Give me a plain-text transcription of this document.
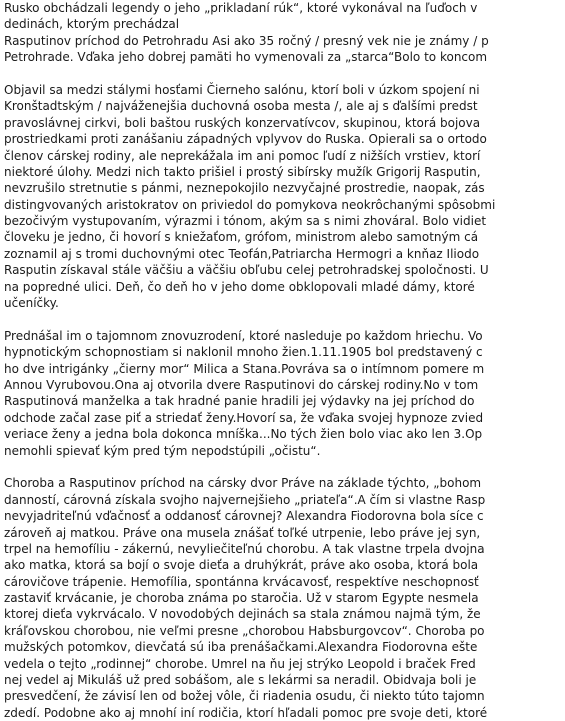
Rusko obchádzali legendy o jeho „prikladaní rúk“, ktoré vykonával na ľuďoch v
dedinách, ktorým prechádzal
Rasputinov príchod do Petrohradu Asi ako 35 ročný / presný vek nie je známy / p
Petrohrade. Vďaka jeho dobrej pamäti ho vymenovali za „starca“Bolo to koncom
Objavil sa medzi stálymi hosťami Čierneho salónu, ktorí boli v úzkom spojení ni
Kronštadtským / najváženejšia duchovná osoba mesta /, ale aj s ďalšími predst
pravoslávnej cirkvi, boli baštou ruských konzervatívcov, skupinou, ktorá bojova
prostriedkami proti zanášaniu západných vplyvov do Ruska. Opierali sa o ortodo
členov cárskej rodiny, ale neprekážala im ani pomoc ľudí z nižších vrstiev, ktorí
niektoré úlohy. Medzi nich takto prišiel i prostý sibírsky mužík Grigorij Rasputin,
nevzrušilo stretnutie s pánmi, neznepokojilo nezvyčajné prostredie, naopak, zás
distingvovaných aristokratov on priviedol do pomykova neokrôchanými spôsobmi
bezočivým vystupovaním, výrazmi i tónom, akým sa s nimi zhováral. Bolo vidiet
človeku je jedno, či hovorí s kniežaťom, grófom, ministrom alebo samotným cá
zoznamil aj s tromi duchovnými otec Teofán,Patriarcha Hermogri a knňaz Iliodo
Rasputin získaval stále väčšiu a väčšiu obľubu celej petrohradskej spoločnosti. U
na popredné ulici. Deň, čo deň ho v jeho dome obklopovali mladé dámy, ktoré
učeníčky.
Prednášal im o tajomnom znovuzrodení, ktoré nasleduje po každom hriechu. Vo
hypnotickým schopnostiam si naklonil mnoho žien.1.11.1905 bol predstavený c
ho dve intrigánky „čierny mor“ Milica a Stana.Povráva sa o intímnom pomere m
Annou Vyrubovou.Ona aj otvorila dvere Rasputinovi do cárskej rodiny.No v tom
Rasputinová manželka a tak hradné panie hradili jej výdavky na jej príchod do
odchode začal zase piť a striedať ženy.Hovorí sa, že vďaka svojej hypnoze zvied
veriace ženy a jedna bola dokonca mníška...No tých žien bolo viac ako len 3.Op
nemohli spievať kým pred tým nepodstúpili „očistu“.
Choroba a Rasputinov príchod na cársky dvor Práve na základe týchto, „bohom
danností, cárovná získala svojho najvernejšieho „priateľa“.A čím si vlastne Rasp
nevyjadriteľnú vďačnosť a oddanosť cárovnej? Alexandra Fiodorovna bola síce c
zároveň aj matkou. Práve ona musela znášať toľké utrpenie, lebo práve jej syn,
trpel na hemofíliu - zákernú, nevyliečiteľnú chorobu. A tak vlastne trpela dvojna
ako matka, ktorá sa bojí o svoje dieťa a druhýkrát, práve ako osoba, ktorá bola
cárovičove trápenie. Hemofília, spontánna krvácavosť, respektíve neschopnosť
zastaviť krvácanie, je choroba známa po staročia. Už v starom Egypte nesmela
ktorej dieťa vykrvácalo. V novodobých dejinách sa stala známou najmä tým, že
kráľovskou chorobou, nie veľmi presne „chorobou Habsburgovcov“. Choroba po
mužských potomkov, dievčatá sú iba prenášačkami.Alexandra Fiodorovna ešte
vedela o tejto „rodinnej“ chorobe. Umrel na ňu jej strýko Leopold i braček Fred
nej vedel aj Mikuláš už pred sobášom, ale s lekármi sa neradil. Obidvaja boli je
presvedčení, že závisí len od božej vôle, či riadenia osudu, či niekto túto tajomn
zdedí. Podobne ako aj mnohí iní rodičia, ktorí hľadali pomoc pre svoje deti, ktoré
